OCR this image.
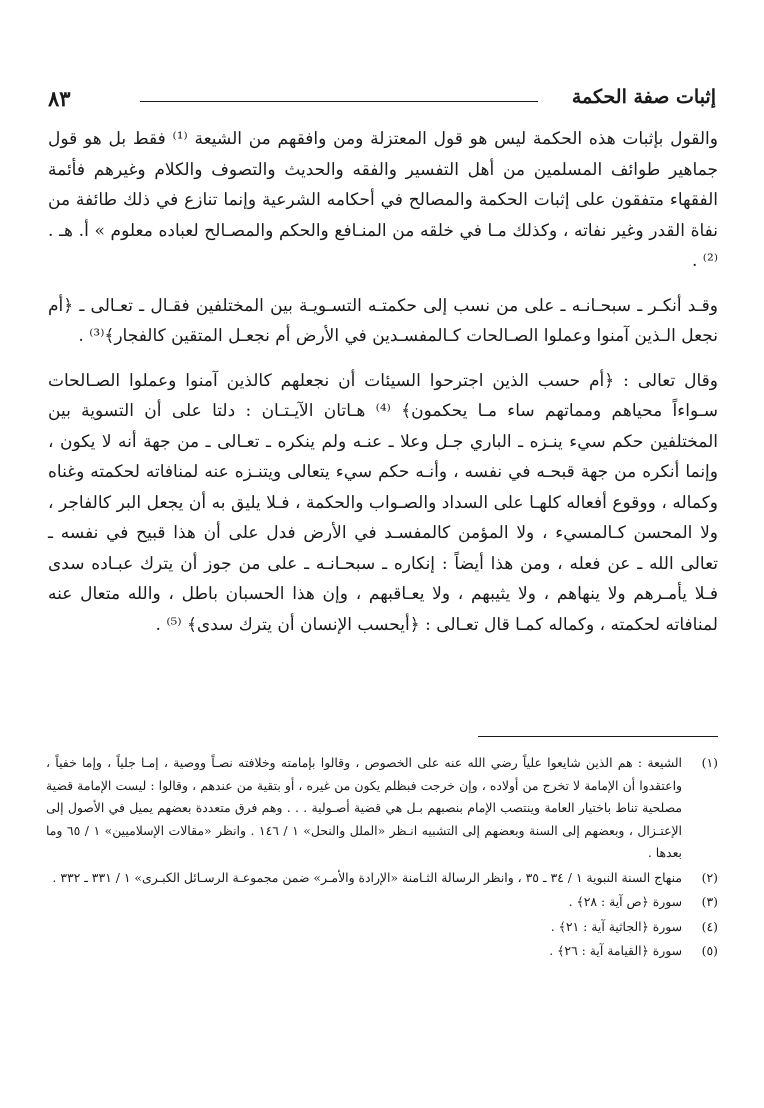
إثبات صفة الحكمة
٨٣

والقول بإثبات هذه الحكمة ليس هو قول المعتزلة ومن وافقهم من الشيعة ⁽¹⁾ فقط بل هو قول جماهير طوائف المسلمين من أهل التفسير والفقه والحديث والتصوف والكلام وغيرهم فأئمة الفقهاء متفقون على إثبات الحكمة والمصالح في أحكامه الشرعية وإنما تنازع في ذلك طائفة من نفاة القدر وغير نفاته ، وكذلك مـا في خلقه من المنـافع والحكم والمصـالح لعباده معلوم » أ. هـ . ⁽²⁾ .

وقـد أنكـر ـ سبحـانـه ـ على من نسب إلى حكمتـه التسـويـة بين المختلفين فقـال ـ تعـالى ـ ﴿أم نجعل الـذين آمنوا وعملوا الصـالحات كـالمفسـدين في الأرض أم نجعـل المتقين كالفجار﴾⁽³⁾ .

وقال تعالى : ﴿أم حسب الذين اجترحوا السيئات أن نجعلهم كالذين آمنوا وعملوا الصـالحات سـواءاً محياهم ومماتهم ساء مـا يحكمون﴾ ⁽⁴⁾ هـاتان الآيـتـان : دلتا على أن التسوية بين المختلفين حكم سيء ينـزه ـ الباري جـل وعلا ـ عنـه ولم ينكره ـ تعـالى ـ من جهة أنه لا يكون ، وإنما أنكره من جهة قبحـه في نفسه ، وأنـه حكم سيء يتعالى ويتنـزه عنه لمنافاته لحكمته وغناه وكماله ، ووقوع أفعاله كلهـا على السداد والصـواب والحكمة ، فـلا يليق به أن يجعل البر كالفاجر ، ولا المحسن كـالمسيء ، ولا المؤمن كالمفسـد في الأرض فدل على أن هذا قبيح في نفسه ـ تعالى الله ـ عن فعله ، ومن هذا أيضاً : إنكاره ـ سبحـانـه ـ على من جوز أن يترك عبـاده سدى فـلا يأمـرهم ولا ينهاهم ، ولا يثيبهم ، ولا يعـاقبهم ، وإن هذا الحسبان باطل ، والله متعال عنه لمنافاته لحكمته ، وكماله كمـا قال تعـالى : ﴿أيحسب الإنسان أن يترك سدى﴾ ⁽⁵⁾ .

(١)
الشيعة : هم الذين شايعوا علياً رضي الله عنه على الخصوص ، وقالوا بإمامته وخلافته نصـاً ووصية ، إمـا جلياً ، وإما خفياً ، واعتقدوا أن الإمامة لا تخرج من أولاده ، وإن خرجت فبظلم يكون من غيره ، أو بتقية من عندهم ، وقالوا : ليست الإمامة قضية مصلحية تناط باختيار العامة وينتصب الإمام بنصبهم بـل هي قضية أصـولية . . . وهم فرق متعددة بعضهم يميل في الأصول إلى الإعتـزال ، وبعضهم إلى السنة وبعضهم إلى التشبيه انـظر «الملل والنحل» ١ / ١٤٦ . وانظر «مقالات الإسلاميين» ١ / ٦٥ وما بعدها .
(٢)
منهاج السنة النبوية ١ / ٣٤ ـ ٣٥ ، وانظر الرسالة الثـامنة «الإرادة والأمـر» ضمن مجموعـة الرسـائل الكبـرى» ١ / ٣٣١ ـ ٣٣٢ .
(٣)
سورة ﴿ص آية : ٢٨﴾ .
(٤)
سورة ﴿الجاثية آية : ٢١﴾ .
(٥)
سورة ﴿القيامة آية : ٢٦﴾ .
